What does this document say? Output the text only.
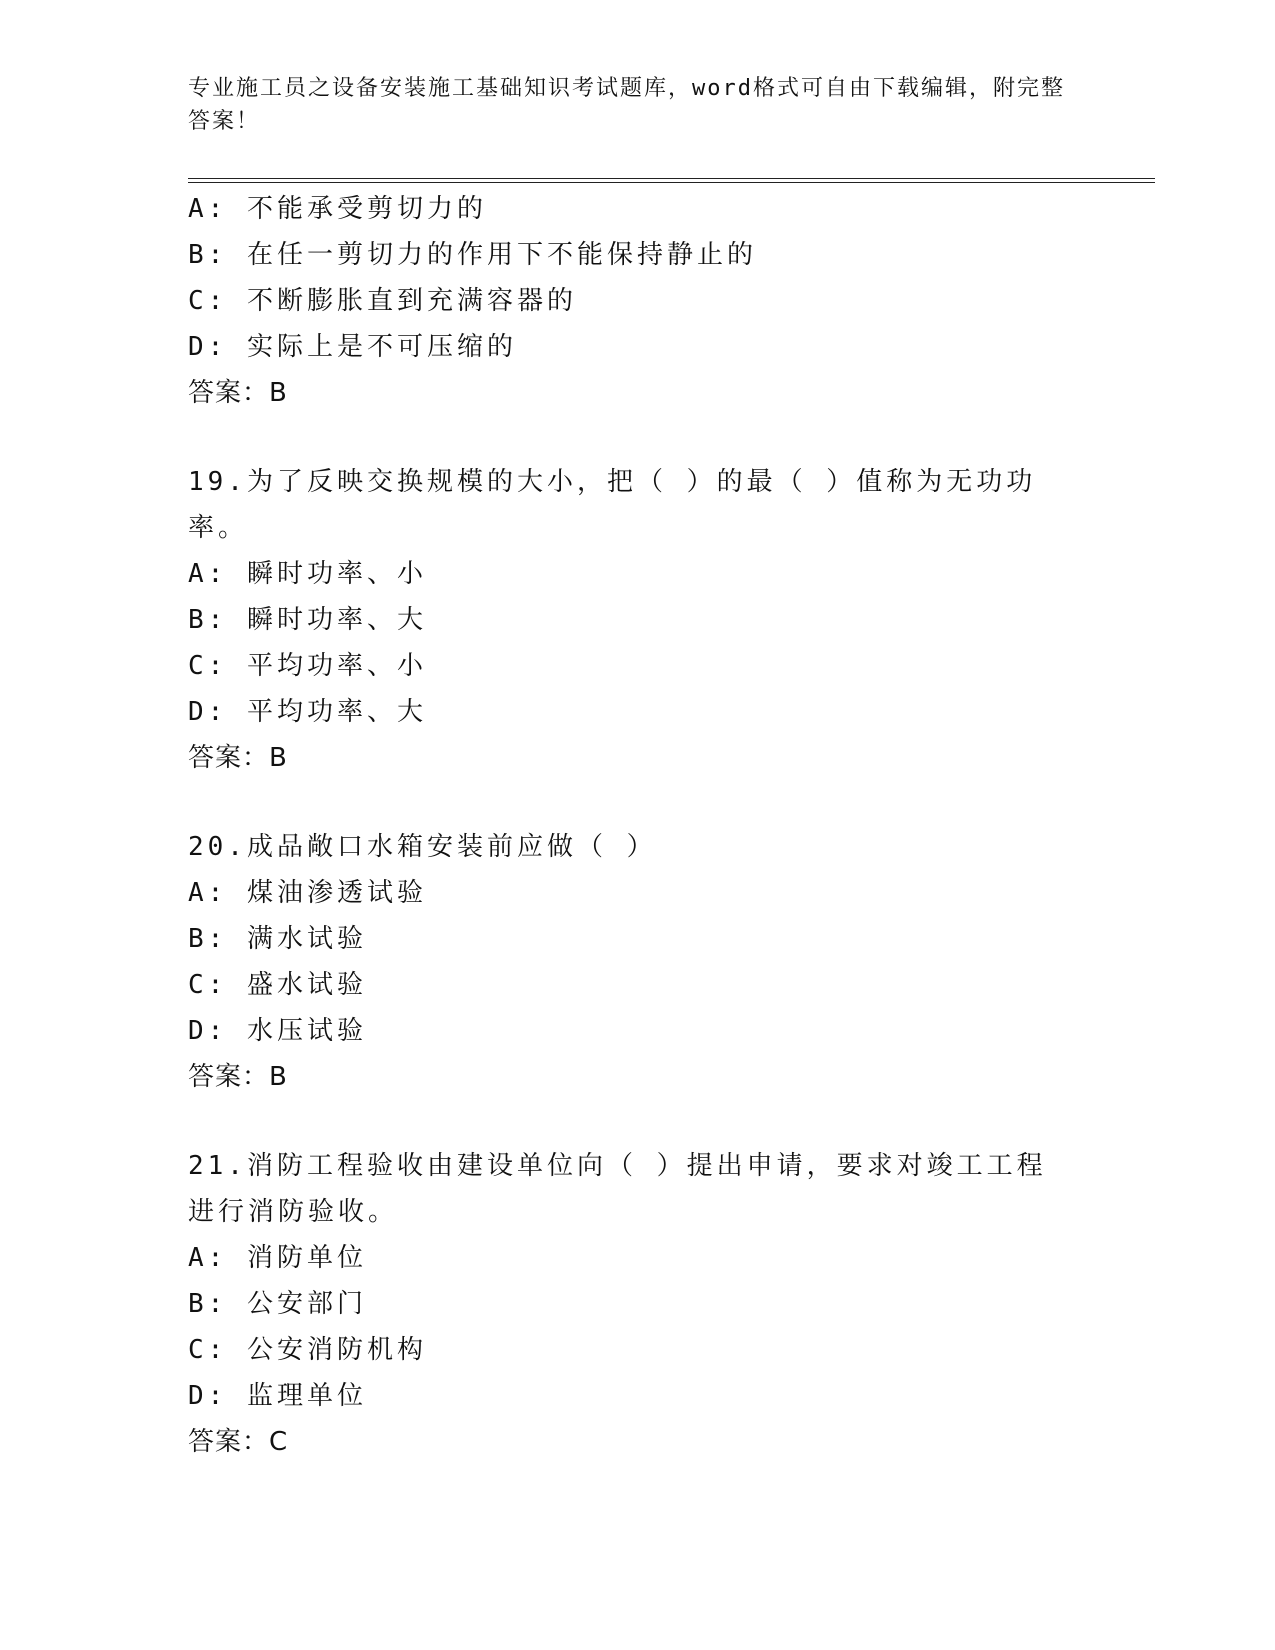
专业施工员之设备安装施工基础知识考试题库，word格式可自由下载编辑，附完整答案！
A: 不能承受剪切力的
B: 在任一剪切力的作用下不能保持静止的
C: 不断膨胀直到充满容器的
D: 实际上是不可压缩的
答案：B
19.为了反映交换规模的大小，把（ ）的最（ ）值称为无功功率。
A: 瞬时功率、小
B: 瞬时功率、大
C: 平均功率、小
D: 平均功率、大
答案：B
20.成品敞口水箱安装前应做（ ）
A: 煤油渗透试验
B: 满水试验
C: 盛水试验
D: 水压试验
答案：B
21.消防工程验收由建设单位向（ ）提出申请，要求对竣工工程进行消防验收。
A: 消防单位
B: 公安部门
C: 公安消防机构
D: 监理单位
答案：C
